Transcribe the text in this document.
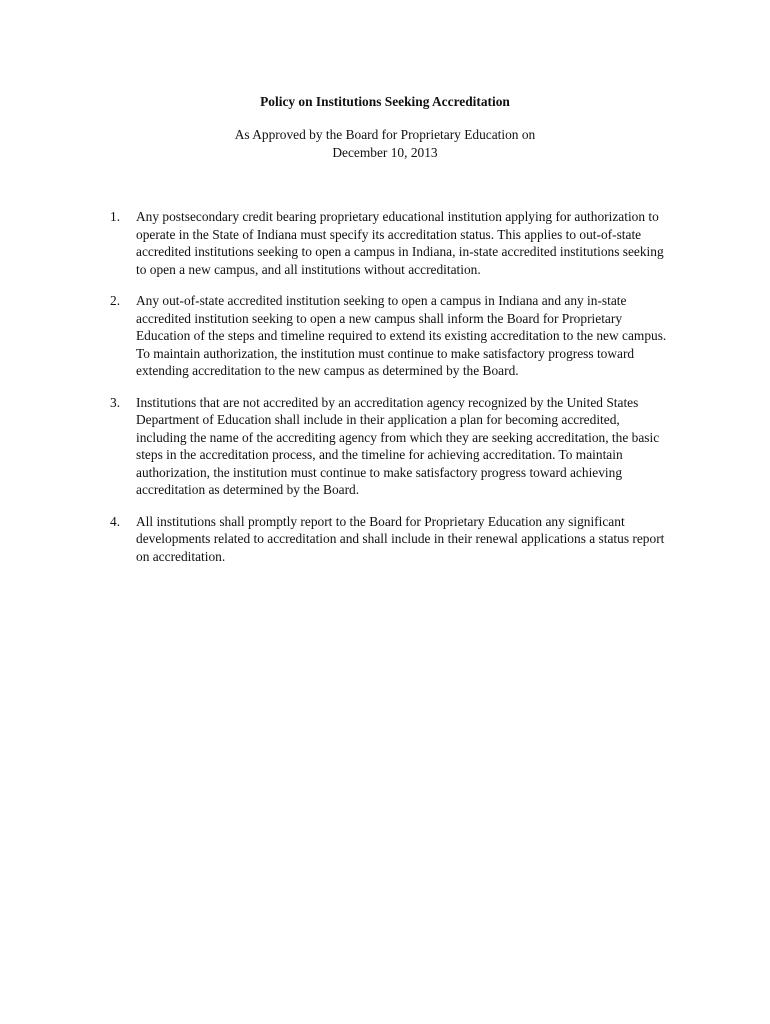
Policy on Institutions Seeking Accreditation
As Approved by the Board for Proprietary Education on
December 10, 2013
1.	Any postsecondary credit bearing proprietary educational institution applying for authorization to operate in the State of Indiana must specify its accreditation status. This applies to out-of-state accredited institutions seeking to open a campus in Indiana, in-state accredited institutions seeking to open a new campus, and all institutions without accreditation.
2.	Any out-of-state accredited institution seeking to open a campus in Indiana and any in-state accredited institution seeking to open a new campus shall inform the Board for Proprietary Education of the steps and timeline required to extend its existing accreditation to the new campus. To maintain authorization, the institution must continue to make satisfactory progress toward extending accreditation to the new campus as determined by the Board.
3.	Institutions that are not accredited by an accreditation agency recognized by the United States Department of Education shall include in their application a plan for becoming accredited, including the name of the accrediting agency from which they are seeking accreditation, the basic steps in the accreditation process, and the timeline for achieving accreditation. To maintain authorization, the institution must continue to make satisfactory progress toward achieving accreditation as determined by the Board.
4.	All institutions shall promptly report to the Board for Proprietary Education any significant developments related to accreditation and shall include in their renewal applications a status report on accreditation.
